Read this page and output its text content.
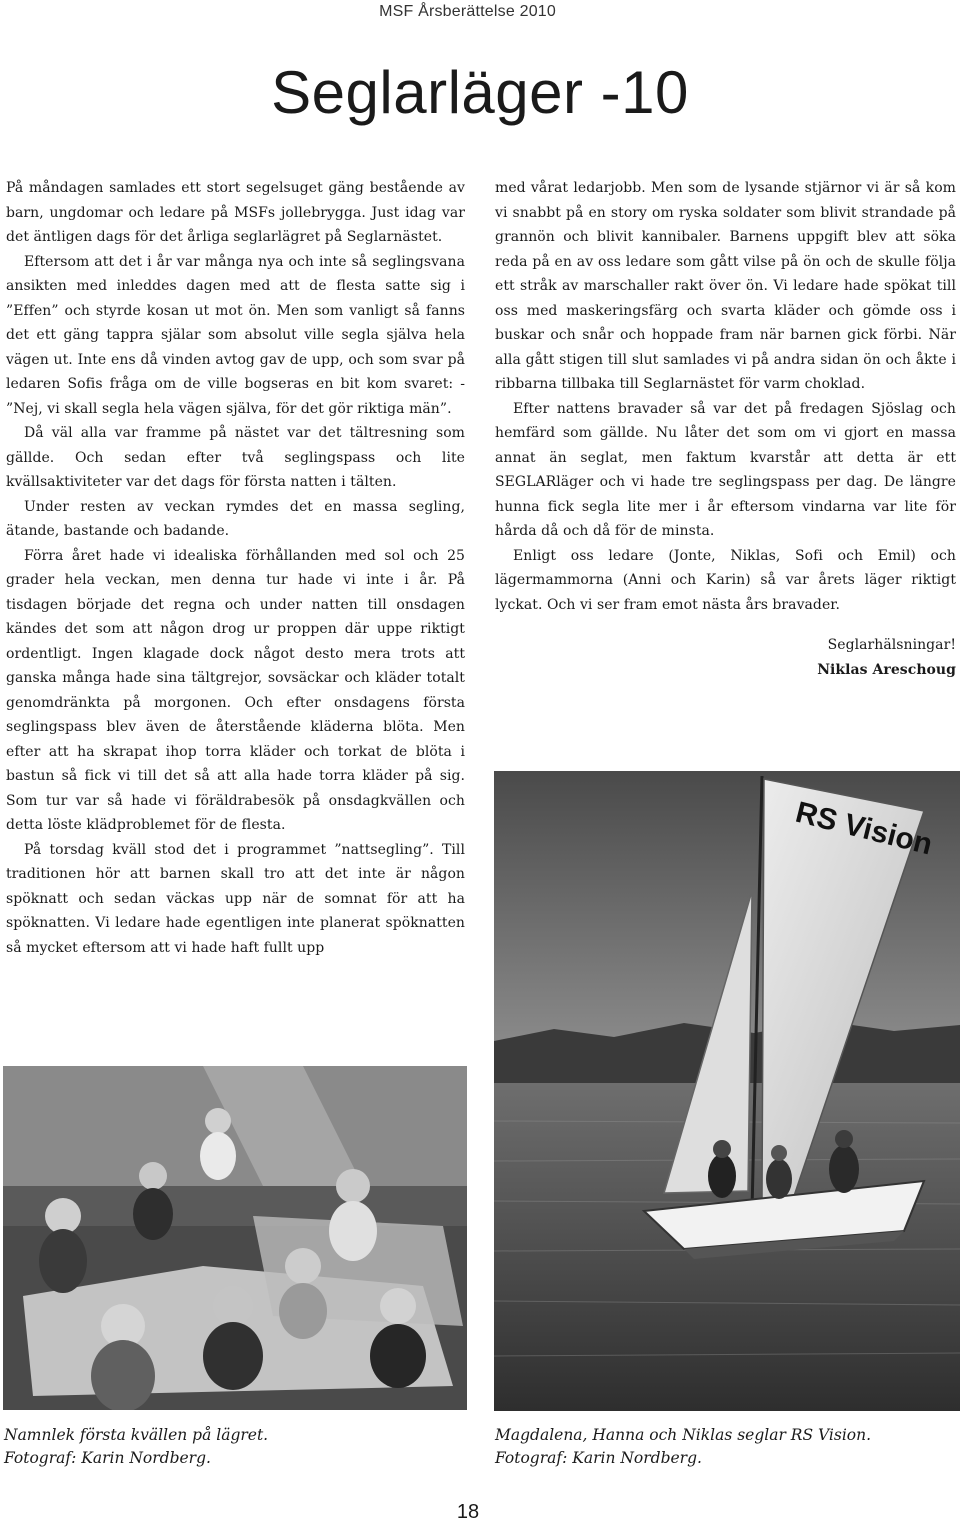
MSF Årsberättelse 2010
Seglarläger -10

På måndagen samlades ett stort segelsuget gäng bestående av barn, ungdomar och ledare på MSFs jollebrygga. Just idag var det äntligen dags för det årliga seglarlägret på Seglarnästet.

Eftersom att det i år var många nya och inte så seglingsvana ansikten med inleddes dagen med att de flesta satte sig i ”Effen” och styrde kosan ut mot ön. Men som vanligt så fanns det ett gäng tappra själar som absolut ville segla själva hela vägen ut. Inte ens då vinden avtog gav de upp, och som svar på ledaren Sofis fråga om de ville bogseras en bit kom svaret: - ”Nej, vi skall segla hela vägen själva, för det gör riktiga män”.

Då väl alla var framme på nästet var det tältresning som gällde. Och sedan efter två seglingspass och lite kvällsaktiviteter var det dags för första natten i tälten.

Under resten av veckan rymdes det en massa segling, ätande, bastande och badande.

Förra året hade vi idealiska förhållanden med sol och 25 grader hela veckan, men denna tur hade vi inte i år. På tisdagen började det regna och under natten till onsdagen kändes det som att någon drog ur proppen där uppe riktigt ordentligt. Ingen klagade dock något desto mera trots att ganska många hade sina tältgrejor, sovsäckar och kläder totalt genomdränkta på morgonen. Och efter onsdagens första seglingspass blev även de återstående kläderna blöta. Men efter att ha skrapat ihop torra kläder och torkat de blöta i bastun så fick vi till det så att alla hade torra kläder på sig. Som tur var så hade vi föräldrabesök på onsdagkvällen och detta löste klädproblemet för de flesta.

På torsdag kväll stod det i programmet ”nattsegling”. Till traditionen hör att barnen skall tro att det inte är någon spöknatt och sedan väckas upp när de somnat för att ha spöknatten. Vi ledare hade egentligen inte planerat spöknatten så mycket eftersom att vi hade haft fullt upp

med vårat ledarjobb. Men som de lysande stjärnor vi är så kom vi snabbt på en story om ryska soldater som blivit strandade på grannön och blivit kannibaler. Barnens uppgift blev att söka reda på en av oss ledare som gått vilse på ön och de skulle följa ett stråk av marschaller rakt över ön. Vi ledare hade spökat till oss med maskeringsfärg och svarta kläder och gömde oss i buskar och snår och hoppade fram när barnen gick förbi. När alla gått stigen till slut samlades vi på andra sidan ön och åkte i ribbarna tillbaka till Seglarnästet för varm choklad.

Efter nattens bravader så var det på fredagen Sjöslag och hemfärd som gällde. Nu låter det som om vi gjort en massa annat än seglat, men faktum kvarstår att detta är ett SEGLARläger och vi hade tre seglingspass per dag. De längre hunna fick segla lite mer i år eftersom vindarna var lite för hårda då och då för de minsta.

Enligt oss ledare (Jonte, Niklas, Sofi och Emil) och lägermammorna (Anni och Karin) så var årets läger riktigt lyckat. Och vi ser fram emot nästa års bravader.

Seglarhälsningar!
Niklas Areschoug
RS Vision
Namnlek första kvällen på lägret.
Fotograf: Karin Nordberg.
Magdalena, Hanna och Niklas seglar RS Vision.
Fotograf: Karin Nordberg.
18
